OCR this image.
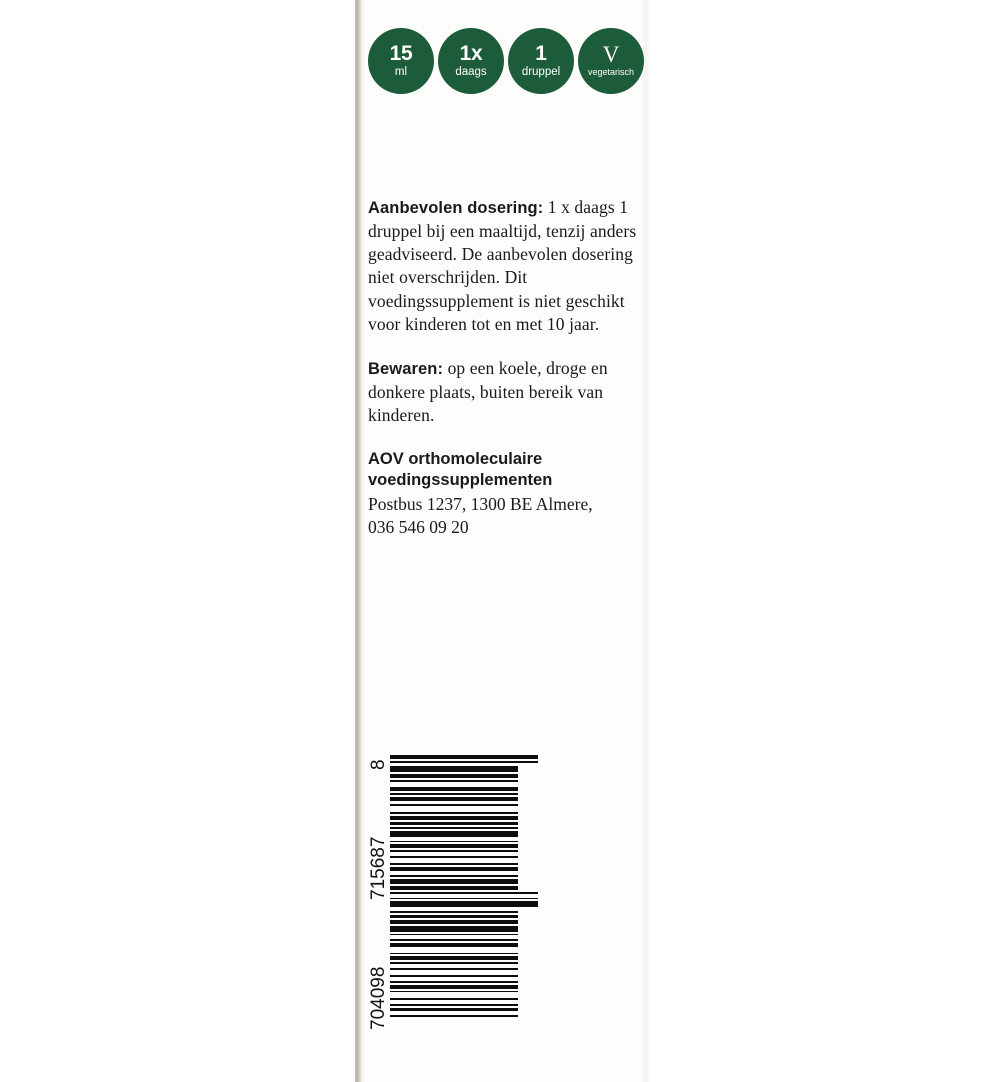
15
ml
1x
daags
1
druppel
V
vegetarisch

Aanbevolen dosering: 1 x daags 1 druppel bij een maaltijd, tenzij anders geadviseerd. De aanbevolen dosering niet overschrijden. Dit voedingssupplement is niet geschikt voor kinderen tot en met 10 jaar.

Bewaren: op een koele, droge en donkere plaats, buiten bereik van kinderen.

AOV orthomoleculaire voedingssupplementen

Postbus 1237, 1300 BE Almere,

036 546 09 20

8
715687
704098
